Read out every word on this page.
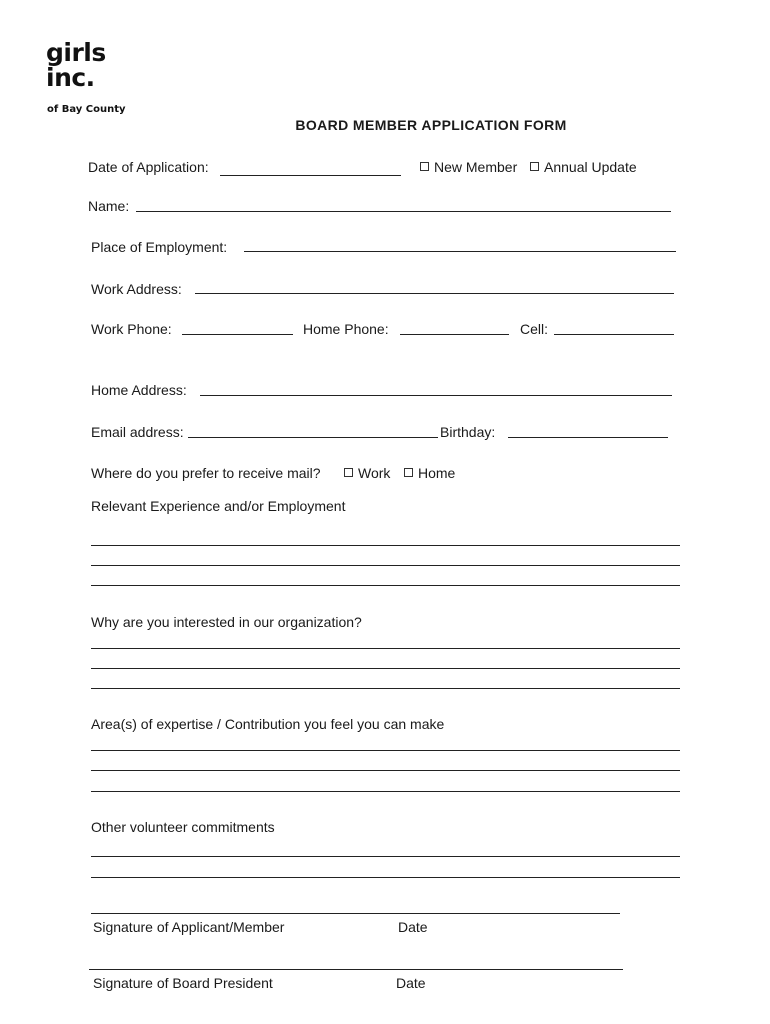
girls
inc.
of Bay County
BOARD MEMBER APPLICATION FORM
Date of Application:	New Member	Annual Update
Name:
Place of Employment:
Work Address:
Work Phone:	Home Phone:	Cell:
Home Address:
Email address:	Birthday:
Where do you prefer to receive mail?	Work	Home
Relevant Experience and/or Employment
Why are you interested in our organization?
Area(s) of expertise / Contribution you feel you can make
Other volunteer commitments
Signature of Applicant/Member	Date
Signature of Board President	Date
